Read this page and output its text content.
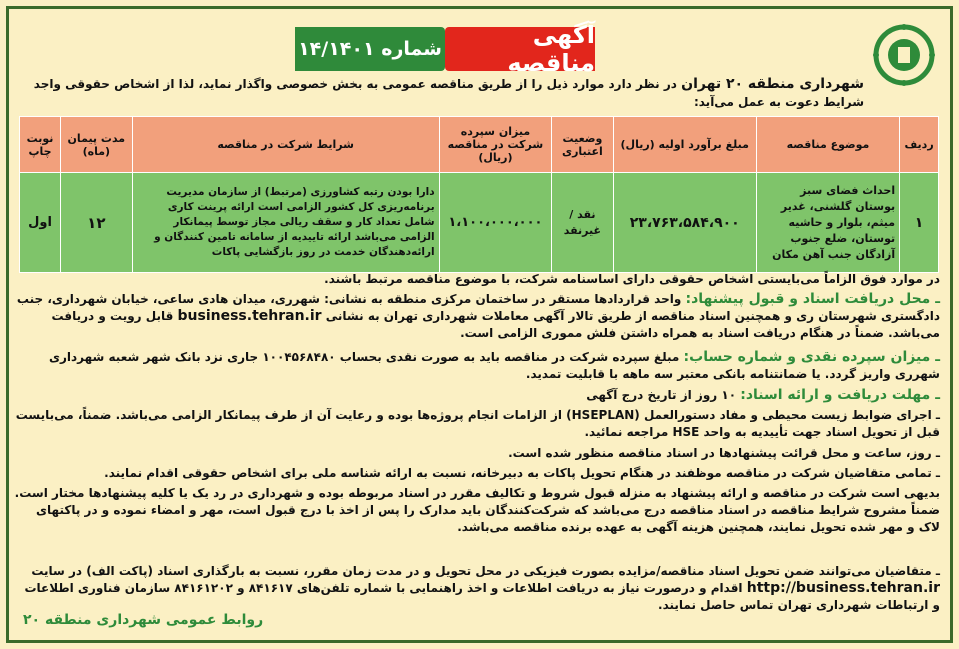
آگهی مناقصه
شماره ۱۴/۱۴۰۱
شهرداری منطقه ۲۰ تهران در نظر دارد موارد ذیل را از طریق مناقصه عمومی به بخش خصوصی واگذار نماید، لذا از اشخاص حقوقی واجد شرایط دعوت به عمل می‌آید:
ردیف	موضوع مناقصه	مبلغ برآورد اولیه (ریال)	وضعیت اعتباری	میزان سپرده شرکت در مناقصه (ریال)	شرایط شرکت در مناقصه	مدت پیمان (ماه)	نوبت چاپ
۱	احداث فضای سبز بوستان گلشنی، غدیر میثم، بلوار و حاشیه توستان، ضلع جنوب آزادگان جنب آهن مکان	۲۳،۷۶۳،۵۸۴،۹۰۰	نقد / غیرنقد	۱،۱۰۰،۰۰۰،۰۰۰	دارا بودن رتبه کشاورزی (مرتبط) از سازمان مدیریت برنامه‌ریزی کل کشور الزامی است ارائه پرینت کاری شامل تعداد کار و سقف ریالی مجاز توسط پیمانکار الزامی می‌باشد ارائه تاییدیه از سامانه تامین کنندگان و ارائه‌دهندگان خدمت در روز بازگشایی پاکات	۱۲	اول
در موارد فوق الزاماً می‌بایستی اشخاص حقوقی دارای اساسنامه شرکت، با موضوع مناقصه مرتبط باشند.
ـ محل دریافت اسناد و قبول پیشنهاد: واحد قراردادها مستقر در ساختمان مرکزی منطقه به نشانی: شهرری، میدان هادی ساعی، خیابان شهرداری، جنب دادگستری شهرستان ری و همچنین اسناد مناقصه از طریق تالار آگهی معاملات شهرداری تهران به نشانی business.tehran.ir قابل رویت و دریافت می‌باشد. ضمناً در هنگام دریافت اسناد به همراه داشتن فلش مموری الزامی است.
ـ میزان سپرده نقدی و شماره حساب: مبلغ سپرده شرکت در مناقصه باید به صورت نقدی بحساب ۱۰۰۴۵۶۸۴۸۰ جاری نزد بانک شهر شعبه شهرداری شهرری واریز گردد. یا ضمانتنامه بانکی معتبر سه ماهه با قابلیت تمدید.
ـ مهلت دریافت و ارائه اسناد: ۱۰ روز از تاریخ درج آگهی
ـ اجرای ضوابط زیست محیطی و مفاد دستورالعمل (HSEPLAN) از الزامات انجام پروژه‌ها بوده و رعایت آن از طرف پیمانکار الزامی می‌باشد. ضمناً، می‌بایست قبل از تحویل اسناد جهت تأییدیه به واحد HSE مراجعه نمائید.
ـ روز، ساعت و محل قرائت پیشنهادها در اسناد مناقصه منظور شده است.
ـ تمامی متقاضیان شرکت در مناقصه موظفند در هنگام تحویل پاکات به دبیرخانه، نسبت به ارائه شناسه ملی برای اشخاص حقوقی اقدام نمایند.
بدیهی است شرکت در مناقصه و ارائه پیشنهاد به منزله قبول شروط و تکالیف مقرر در اسناد مربوطه بوده و شهرداری در رد یک یا کلیه پیشنهادها مختار است. ضمناً مشروح شرایط مناقصه در اسناد مناقصه درج می‌باشد که شرکت‌کنندگان باید مدارک را پس از اخذ با درج قبول است، مهر و امضاء نموده و در پاکتهای لاک و مهر شده تحویل نمایند، همچنین هزینه آگهی به عهده برنده مناقصه می‌باشد.
ـ متقاضیان می‌توانند ضمن تحویل اسناد مناقصه/مزایده بصورت فیزیکی در محل تحویل و در مدت زمان مقرر، نسبت به بارگذاری اسناد (پاکت الف) در سایت http://business.tehran.ir اقدام و درصورت نیاز به دریافت اطلاعات و اخذ راهنمایی با شماره تلفن‌های ۸۴۱۶۱۷ و ۸۴۱۶۱۲۰۲ سازمان فناوری اطلاعات و ارتباطات شهرداری تهران تماس حاصل نمایند.
روابط عمومی شهرداری منطقه ۲۰
